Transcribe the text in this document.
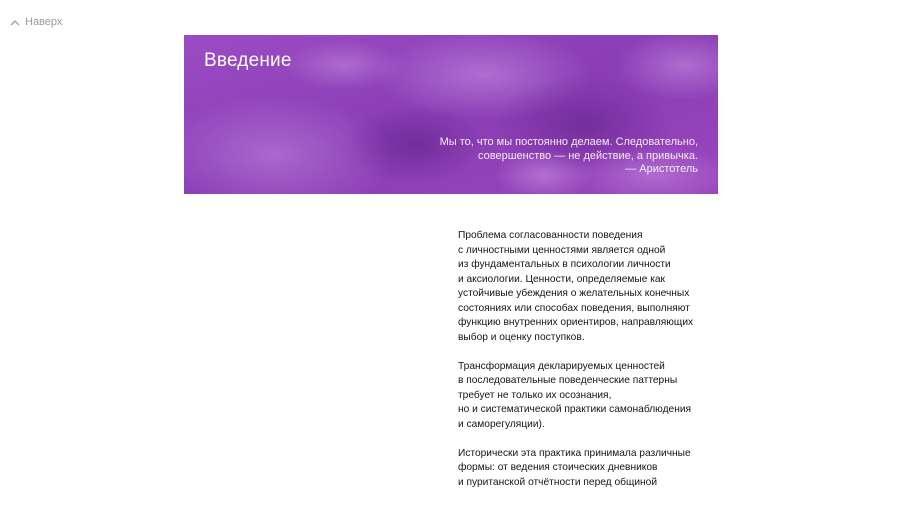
Наверх
Введение
Мы то, что мы постоянно делаем. Следовательно,
совершенство — не действие, а привычка.
— Аристотель

Проблема согласованности поведения
с личностными ценностями является одной
из фундаментальных в психологии личности
и аксиологии. Ценности, определяемые как
устойчивые убеждения о желательных конечных
состояниях или способах поведения, выполняют
функцию внутренних ориентиров, направляющих
выбор и оценку поступков.

Трансформация декларируемых ценностей
в последовательные поведенческие паттерны
требует не только их осознания,
но и систематической практики самонаблюдения
и саморегуляции).

Исторически эта практика принимала различные
формы: от ведения стоических дневников
и пуританской отчётности перед общиной
